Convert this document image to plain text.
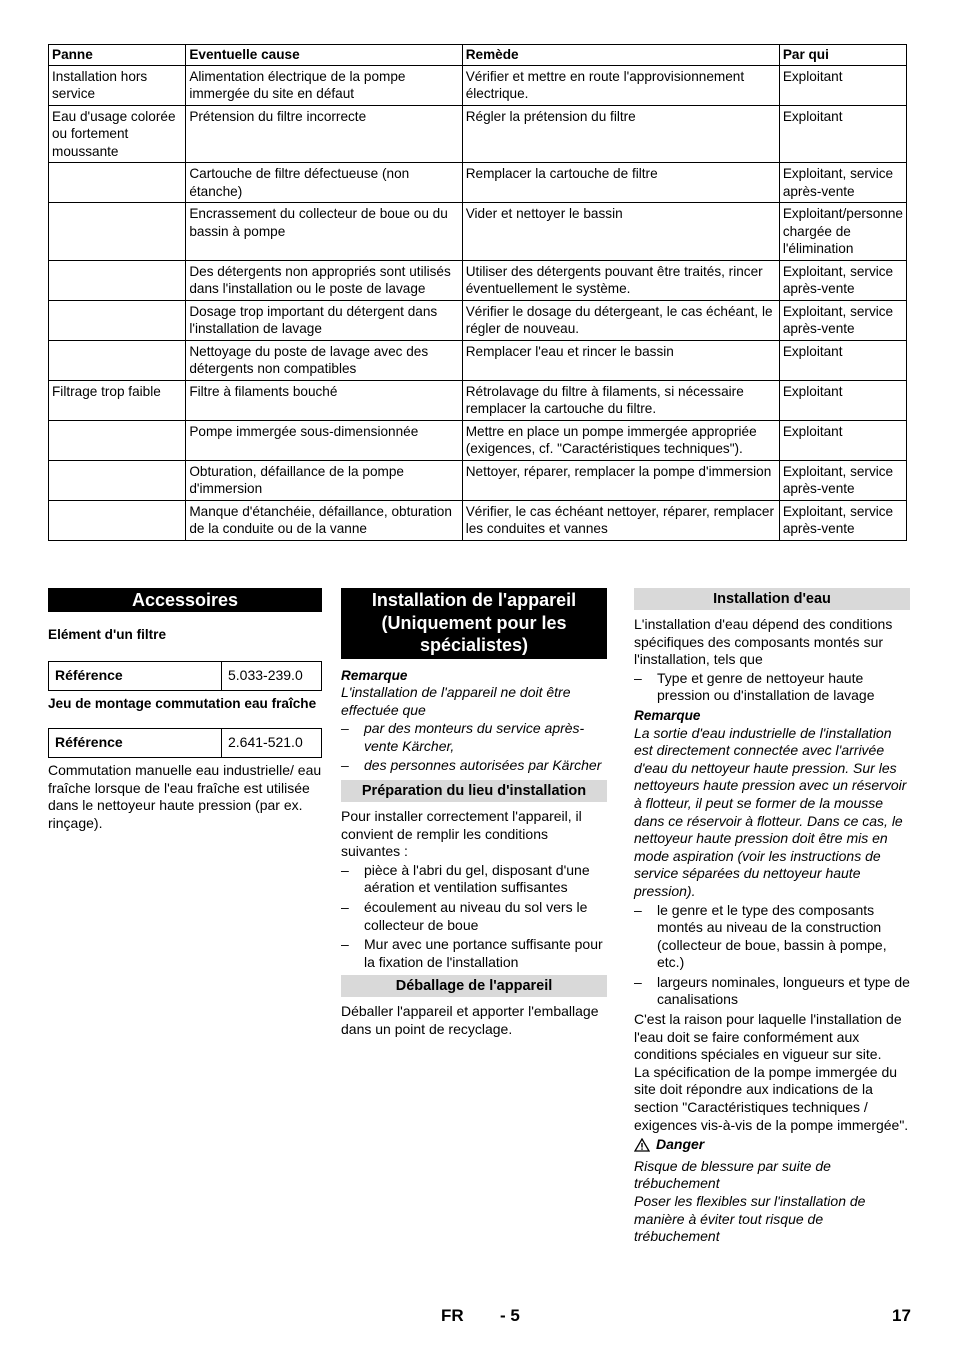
Panne	Eventuelle cause	Remède	Par qui
Installation hors service	Alimentation électrique de la pompe immergée du site en défaut	Vérifier et mettre en route l'approvisionnement électrique.	Exploitant
Eau d'usage colorée ou fortement moussante	Prétension du filtre incorrecte	Régler la prétension du filtre	Exploitant
	Cartouche de filtre défectueuse (non étanche)	Remplacer la cartouche de filtre	Exploitant, service après-vente
	Encrassement du collecteur de boue ou du bassin à pompe	Vider et nettoyer le bassin	Exploitant/personne chargée de l'élimination
	Des détergents non appropriés sont utilisés dans l'installation ou le poste de lavage	Utiliser des détergents pouvant être traités, rincer éventuellement le système.	Exploitant, service après-vente
	Dosage trop important du détergent dans l'installation de lavage	Vérifier le dosage du détergeant, le cas échéant, le régler de nouveau.	Exploitant, service après-vente
	Nettoyage du poste de lavage avec des détergents non compatibles	Remplacer l'eau et rincer le bassin	Exploitant
Filtrage trop faible	Filtre à filaments bouché	Rétrolavage du filtre à filaments, si nécessaire remplacer la cartouche du filtre.	Exploitant
	Pompe immergée sous-dimensionnée	Mettre en place un pompe immergée appropriée (exigences, cf. "Caractéristiques techniques").	Exploitant
	Obturation, défaillance de la pompe d'immersion	Nettoyer, réparer, remplacer la pompe d'immersion	Exploitant, service après-vente
	Manque d'étanchéie, défaillance, obturation de la conduite ou de la vanne	Vérifier, le cas échéant nettoyer, réparer, remplacer les conduites et vannes	Exploitant, service après-vente
Accessoires

Elément d'un filtre

Référence	5.033-239.0

Jeu de montage commutation eau fraîche

Référence	2.641-521.0

Commutation manuelle eau industrielle/ eau fraîche lorsque de l'eau fraîche est utilisée dans le nettoyeur haute pression (par ex. rinçage).

Installation de l'appareil (Uniquement pour les spécialistes)

Remarque

L'installation de l'appareil ne doit être effectuée que

– par des monteurs du service après-vente Kärcher,
– des personnes autorisées par Kärcher
Préparation du lieu d'installation

Pour installer correctement l'appareil, il convient de remplir les conditions suivantes :

– pièce à l'abri du gel, disposant d'une aération et ventilation suffisantes
– écoulement au niveau du sol vers le collecteur de boue
– Mur avec une portance suffisante pour la fixation de l'installation
Déballage de l'appareil

Déballer l'appareil et apporter l'emballage dans un point de recyclage.

Installation d'eau

L'installation d'eau dépend des conditions spécifiques des composants montés sur l'installation, tels que

– Type et genre de nettoyeur haute pression ou d'installation de lavage

Remarque

La sortie d'eau industrielle de l'installation est directement connectée avec l'arrivée d'eau du nettoyeur haute pression. Sur les nettoyeurs haute pression avec un réservoir à flotteur, il peut se former de la mousse dans ce réservoir à flotteur. Dans ce cas, le nettoyeur haute pression doit être mis en mode aspiration (voir les instructions de service séparées du nettoyeur haute pression).

– le genre et le type des composants montés au niveau de la construction (collecteur de boue, bassin à pompe, etc.)
– largeurs nominales, longueurs et type de canalisations

C'est la raison pour laquelle l'installation de l'eau doit se faire conformément aux conditions spéciales en vigueur sur site.

La spécification de la pompe immergée du site doit répondre aux indications de la section "Caractéristiques techniques / exigences vis-à-vis de la pompe immergée".

Danger

Risque de blessure par suite de trébuchement

Poser les flexibles sur l'installation de manière à éviter tout risque de trébuchement

FR - 5	17
